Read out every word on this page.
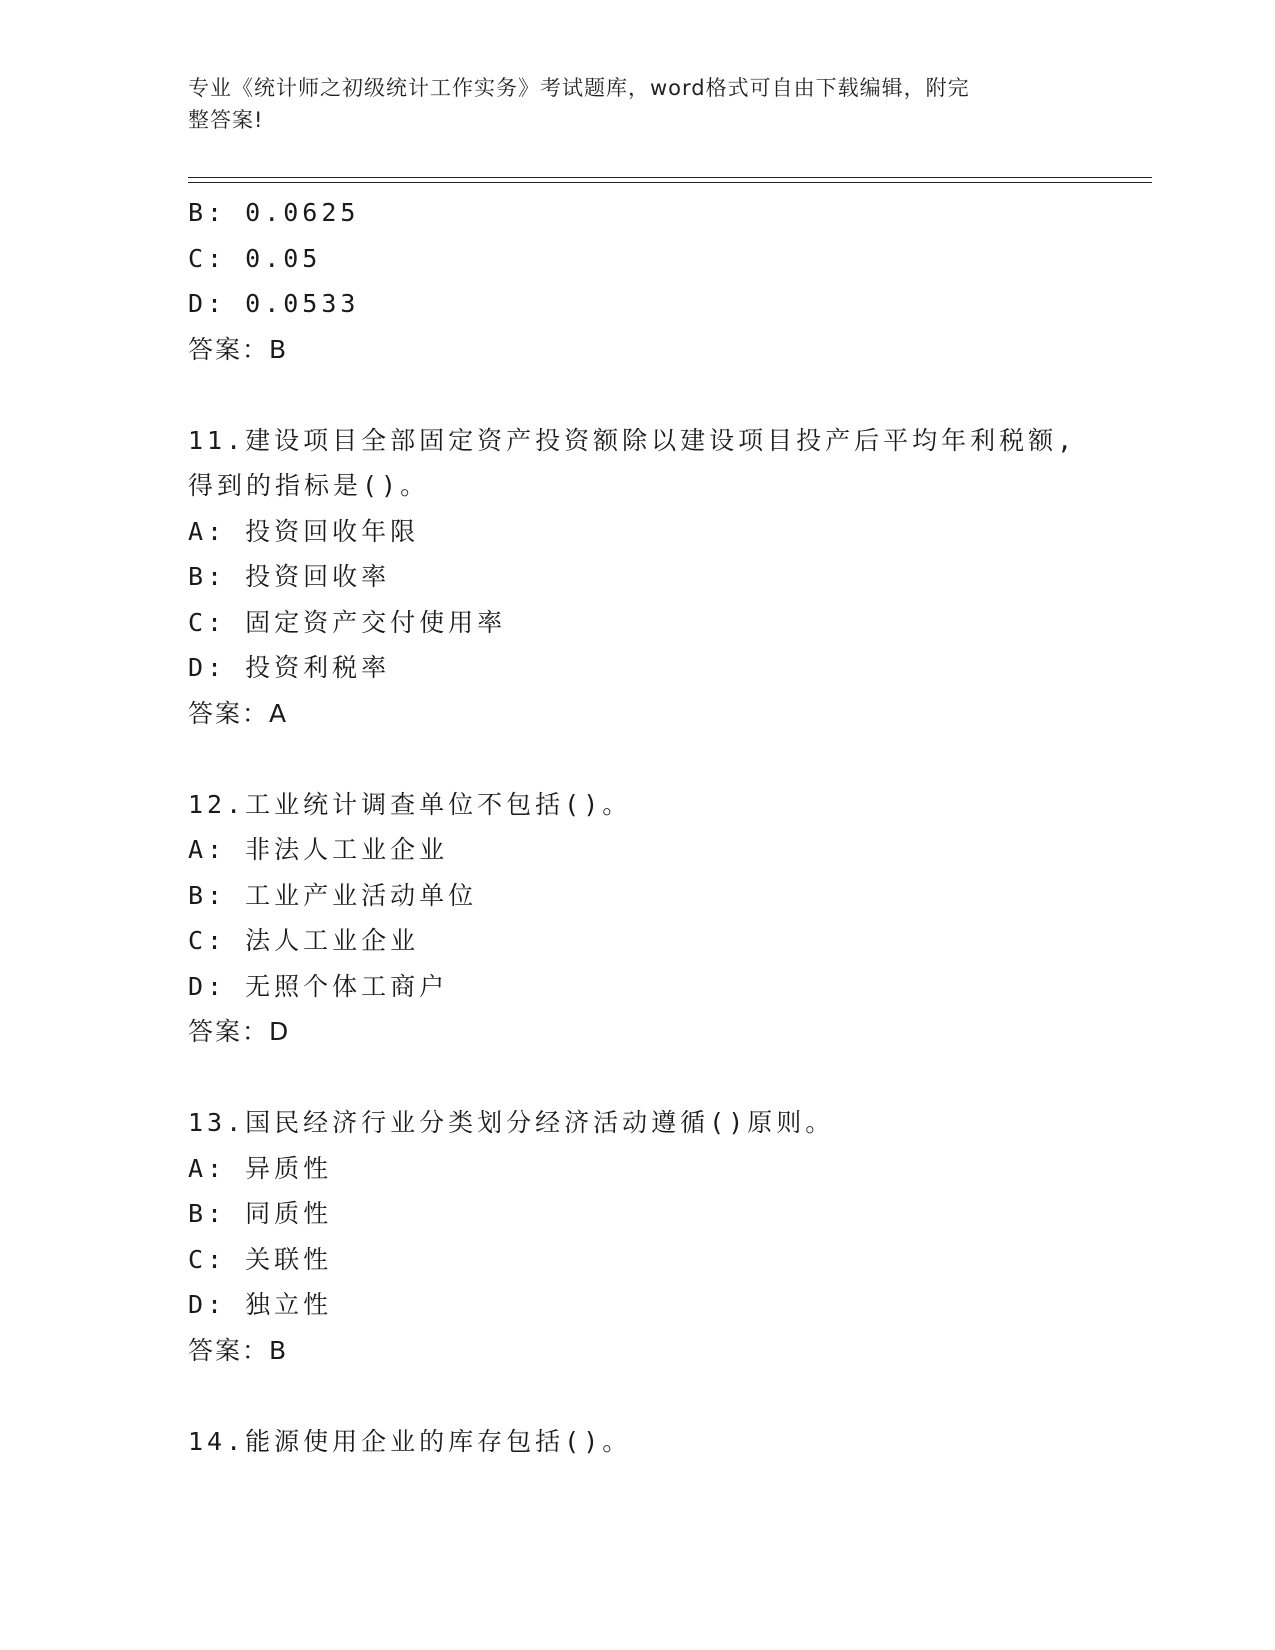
专业《统计师之初级统计工作实务》考试题库，word格式可自由下载编辑，附完
整答案!
B: 0.0625
C: 0.05
D: 0.0533
答案：B
11.建设项目全部固定资产投资额除以建设项目投产后平均年利税额,
得到的指标是()。
A: 投资回收年限
B: 投资回收率
C: 固定资产交付使用率
D: 投资利税率
答案：A
12.工业统计调查单位不包括()。
A: 非法人工业企业
B: 工业产业活动单位
C: 法人工业企业
D: 无照个体工商户
答案：D
13.国民经济行业分类划分经济活动遵循()原则。
A: 异质性
B: 同质性
C: 关联性
D: 独立性
答案：B
14.能源使用企业的库存包括()。
